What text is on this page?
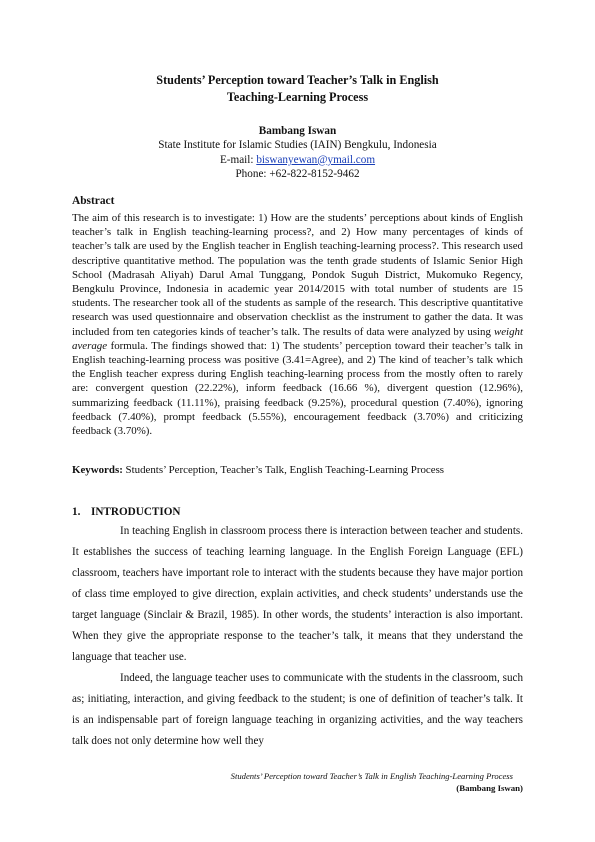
Students’ Perception toward Teacher’s Talk in English
Teaching-Learning Process
Bambang Iswan
State Institute for Islamic Studies (IAIN) Bengkulu, Indonesia
E-mail: biswanyewan@ymail.com
Phone: +62-822-8152-9462
Abstract

The aim of this research is to investigate: 1) How are the students’ perceptions about kinds of English teacher’s talk in English teaching-learning process?, and 2) How many percentages of kinds of teacher’s talk are used by the English teacher in English teaching-learning process?. This research used descriptive quantitative method. The population was the tenth grade students of Islamic Senior High School (Madrasah Aliyah) Darul Amal Tunggang, Pondok Suguh District, Mukomuko Regency, Bengkulu Province, Indonesia in academic year 2014/2015 with total number of students are 15 students. The researcher took all of the students as sample of the research. This descriptive quantitative research was used questionnaire and observation checklist as the instrument to gather the data. It was included from ten categories kinds of teacher’s talk. The results of data were analyzed by using weight average formula. The findings showed that: 1) The students’ perception toward their teacher’s talk in English teaching-learning process was positive (3.41=Agree), and 2) The kind of teacher’s talk which the English teacher express during English teaching-learning process from the mostly often to rarely are: convergent question (22.22%), inform feedback (16.66 %), divergent question (12.96%), summarizing feedback (11.11%), praising feedback (9.25%), procedural question (7.40%), ignoring feedback (7.40%), prompt feedback (5.55%), encouragement feedback (3.70%) and criticizing feedback (3.70%).

Keywords: Students’ Perception, Teacher’s Talk, English Teaching-Learning Process
1. INTRODUCTION

In teaching English in classroom process there is interaction between teacher and students. It establishes the success of teaching learning language. In the English Foreign Language (EFL) classroom, teachers have important role to interact with the students because they have major portion of class time employed to give direction, explain activities, and check students’ understands use the target language (Sinclair & Brazil, 1985). In other words, the students’ interaction is also important. When they give the appropriate response to the teacher’s talk, it means that they understand the language that teacher use.

Indeed, the language teacher uses to communicate with the students in the classroom, such as; initiating, interaction, and giving feedback to the student; is one of definition of teacher’s talk. It is an indispensable part of foreign language teaching in organizing activities, and the way teachers talk does not only determine how well they

Students’ Perception toward Teacher’s Talk in English Teaching-Learning Process
(Bambang Iswan)
